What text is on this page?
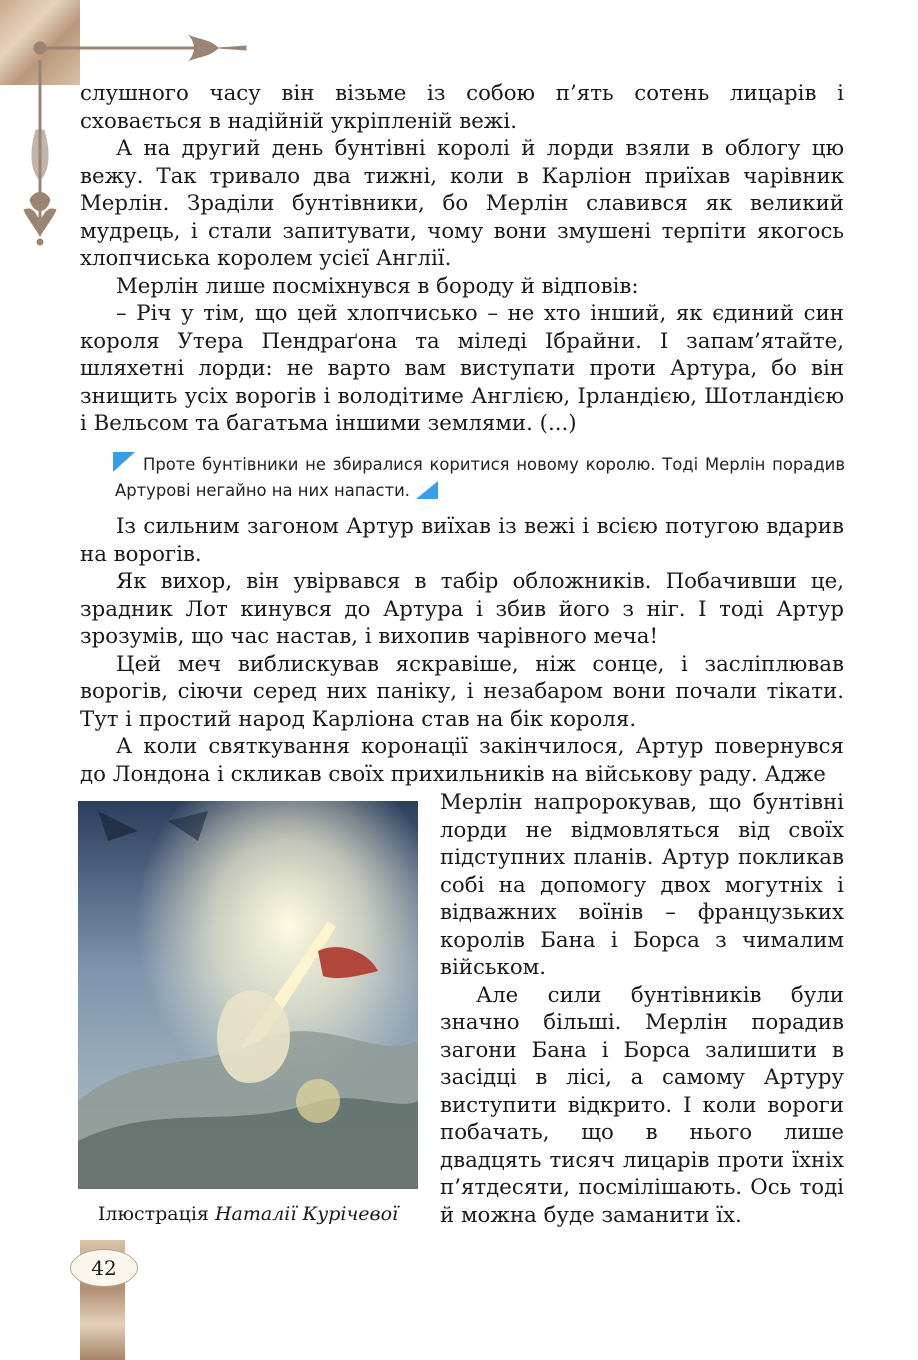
слушного часу він візьме із собою п’ять сотень лицарів і сховається в надійній укріпленій вежі.

А на другий день бунтівні королі й лорди взяли в облогу цю вежу. Так тривало два тижні, коли в Карліон приїхав чарівник Мерлін. Зраділи бунтівники, бо Мерлін славився як великий мудрець, і стали запитувати, чому вони змушені терпіти якогось хлопчиська королем усієї Англії.

Мерлін лише посміхнувся в бороду й відповів:

– Річ у тім, що цей хлопчисько – не хто інший, як єдиний син короля Утера Пендраґона та міледі Ібрайни. І запам’ятайте, шляхетні лорди: не варто вам виступати проти Артура, бо він знищить усіх ворогів і володітиме Англією, Ірландією, Шотландією і Вельсом та багатьма іншими землями. (...)

Проте бунтівники не збиралися коритися новому королю. Тоді Мерлін порадив Артурові негайно на них напасти.

Із сильним загоном Артур виїхав із вежі і всією потугою вдарив на ворогів.

Як вихор, він увірвався в табір обложників. Побачивши це, зрадник Лот кинувся до Артура і збив його з ніг. І тоді Артур зрозумів, що час настав, і вихопив чарівного меча!

Цей меч виблискував яскравіше, ніж сонце, і засліплював ворогів, сіючи серед них паніку, і незабаром вони почали тікати. Тут і простий народ Карліона став на бік короля.

А коли святкування коронації закінчилося, Артур повернувся до Лондона і скликав своїх прихильників на військову раду. Адже

Ілюстрація Наталії Курічевої

Мерлін напророкував, що бунтівні лорди не відмовляться від своїх підступних планів. Артур покликав собі на допомогу двох могутніх і відважних воїнів – французьких королів Бана і Борса з чималим військом.

Але сили бунтівників були значно більші. Мерлін порадив загони Бана і Борса залишити в засідці в лісі, а самому Артуру виступити відкрито. І коли вороги побачать, що в нього лише двадцять тисяч лицарів проти їхніх п’ятдесяти, посмілішають. Ось тоді й можна буде заманити їх.

42
